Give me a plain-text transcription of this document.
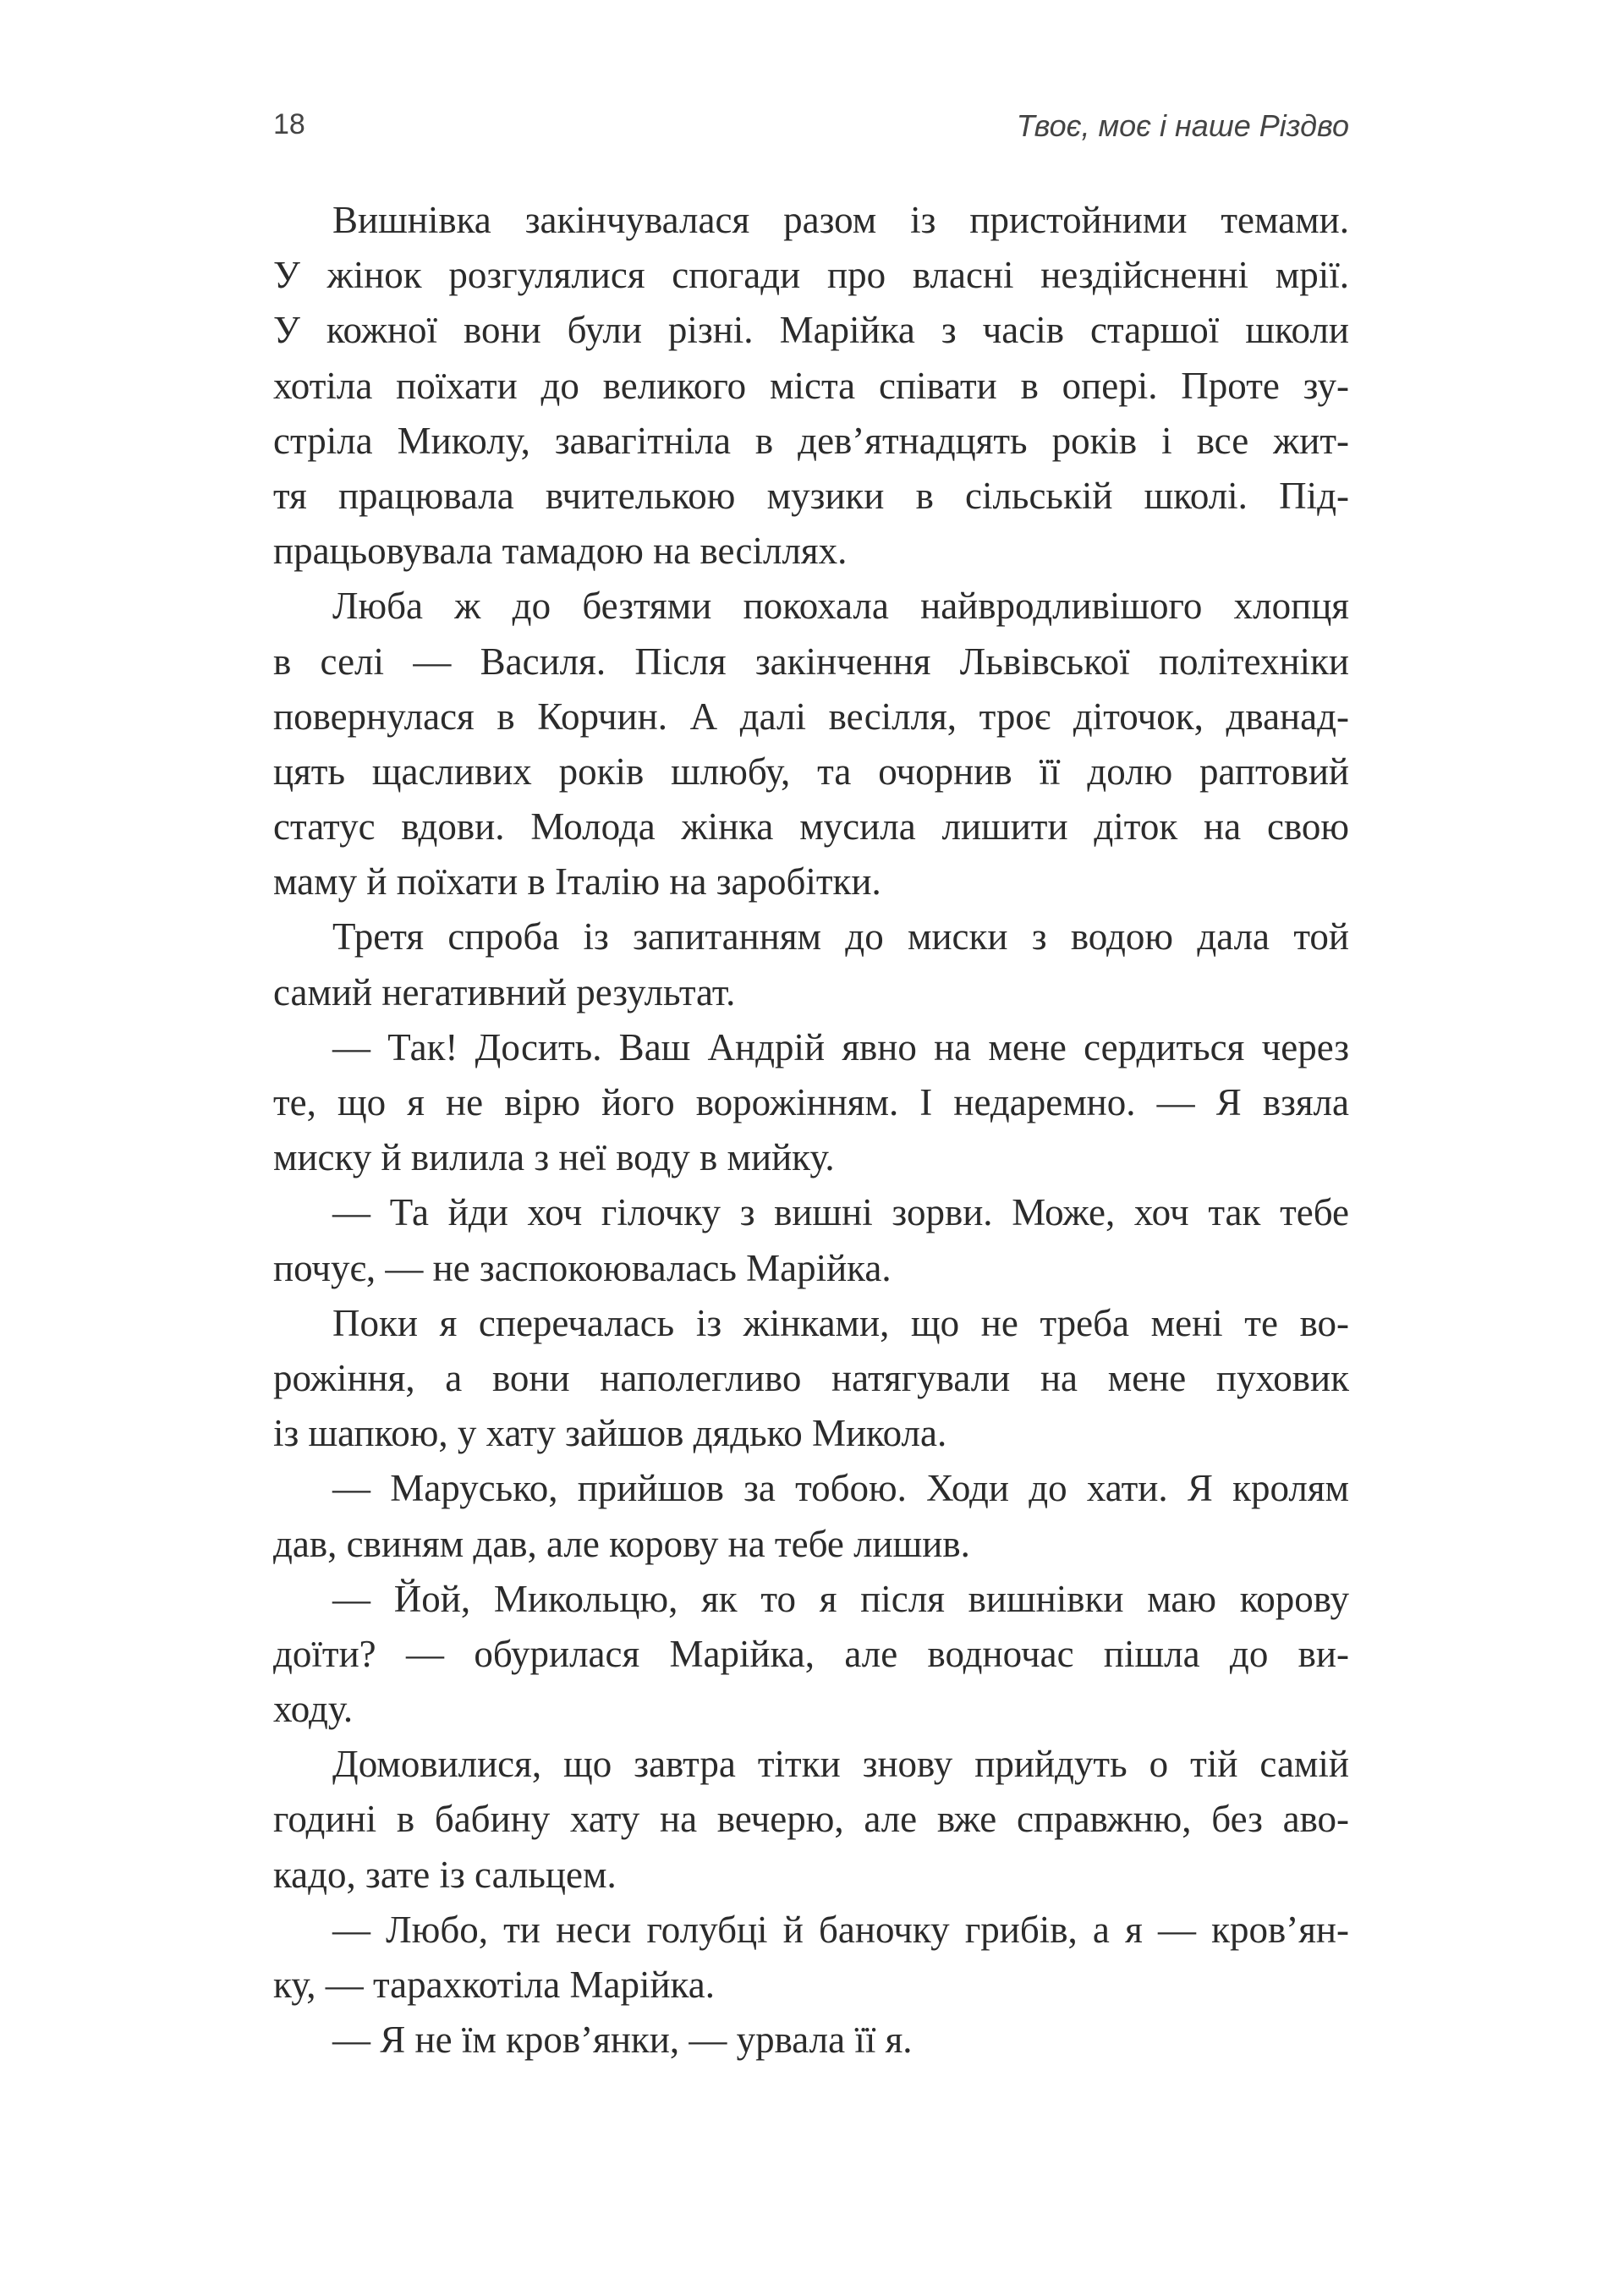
18	Твоє, моє і наше Різдво
Вишнівка закінчувалася разом із пристойними темами.
У жінок розгулялися спогади про власні нездійсненні мрії.
У кожної вони були різні. Марійка з часів старшої школи
хотіла поїхати до великого міста співати в опері. Проте зу-
стріла Миколу, завагітніла в дев’ятнадцять років і все жит-
тя працювала вчителькою музики в сільській школі. Під-
працьовувала тамадою на весіллях.
Люба ж до безтями покохала найвродливішого хлопця
в селі — Василя. Після закінчення Львівської політехніки
повернулася в Корчин. А далі весілля, троє діточок, дванад-
цять щасливих років шлюбу, та очорнив її долю раптовий
статус вдови. Молода жінка мусила лишити діток на свою
маму й поїхати в Італію на заробітки.
Третя спроба із запитанням до миски з водою дала той
самий негативний результат.
— Так! Досить. Ваш Андрій явно на мене сердиться через
те, що я не вірю його ворожінням. І недаремно. — Я взяла
миску й вилила з неї воду в мийку.
— Та йди хоч гілочку з вишні зорви. Може, хоч так тебе
почує, — не заспокоювалась Марійка.
Поки я сперечалась із жінками, що не треба мені те во-
рожіння, а вони наполегливо натягували на мене пуховик
із шапкою, у хату зайшов дядько Микола.
— Марусько, прийшов за тобою. Ходи до хати. Я кролям
дав, свиням дав, але корову на тебе лишив.
— Йой, Микольцю, як то я після вишнівки маю корову
доїти? — обурилася Марійка, але водночас пішла до ви-
ходу.
Домовилися, що завтра тітки знову прийдуть о тій самій
годині в бабину хату на вечерю, але вже справжню, без аво-
кадо, зате із сальцем.
— Любо, ти неси голубці й баночку грибів, а я — кров’ян-
ку, — тарахкотіла Марійка.
— Я не їм кров’янки, — урвала її я.
